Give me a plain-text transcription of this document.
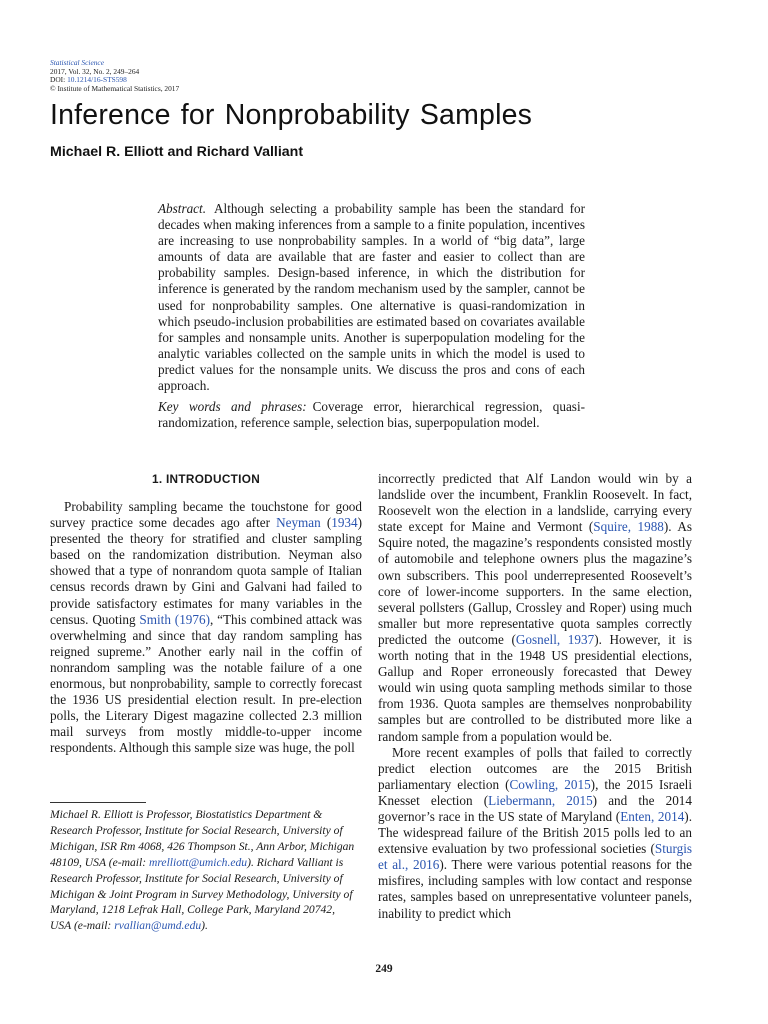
Statistical Science
2017, Vol. 32, No. 2, 249–264
DOI: 10.1214/16-STS598
© Institute of Mathematical Statistics, 2017
Inference for Nonprobability Samples
Michael R. Elliott and Richard Valliant

Abstract. Although selecting a probability sample has been the standard for decades when making inferences from a sample to a finite population, incentives are increasing to use nonprobability samples. In a world of “big data”, large amounts of data are available that are faster and easier to collect than are probability samples. Design-based inference, in which the distribution for inference is generated by the random mechanism used by the sampler, cannot be used for nonprobability samples. One alternative is quasi-randomization in which pseudo-inclusion probabilities are estimated based on covariates available for samples and nonsample units. Another is superpopulation modeling for the analytic variables collected on the sample units in which the model is used to predict values for the nonsample units. We discuss the pros and cons of each approach.

Key words and phrases: Coverage error, hierarchical regression, quasi-randomization, reference sample, selection bias, superpopulation model.

1. INTRODUCTION

Probability sampling became the touchstone for good survey practice some decades ago after Neyman (1934) presented the theory for stratified and cluster sampling based on the randomization distribution. Neyman also showed that a type of nonrandom quota sample of Italian census records drawn by Gini and Galvani had failed to provide satisfactory estimates for many variables in the census. Quoting Smith (1976), “This combined attack was overwhelming and since that day random sampling has reigned supreme.” Another early nail in the coffin of nonrandom sampling was the notable failure of a one enormous, but nonprobability, sample to correctly forecast the 1936 US presidential election result. In pre-election polls, the Literary Digest magazine collected 2.3 million mail surveys from mostly middle-to-upper income respondents. Although this sample size was huge, the poll

Michael R. Elliott is Professor, Biostatistics Department & Research Professor, Institute for Social Research, University of Michigan, ISR Rm 4068, 426 Thompson St., Ann Arbor, Michigan 48109, USA (e-mail: mrelliott@umich.edu). Richard Valliant is Research Professor, Institute for Social Research, University of Michigan & Joint Program in Survey Methodology, University of Maryland, 1218 Lefrak Hall, College Park, Maryland 20742, USA (e-mail: rvallian@umd.edu).

incorrectly predicted that Alf Landon would win by a landslide over the incumbent, Franklin Roosevelt. In fact, Roosevelt won the election in a landslide, carrying every state except for Maine and Vermont (Squire, 1988). As Squire noted, the magazine’s respondents consisted mostly of automobile and telephone owners plus the magazine’s own subscribers. This pool underrepresented Roosevelt’s core of lower-income supporters. In the same election, several pollsters (Gallup, Crossley and Roper) using much smaller but more representative quota samples correctly predicted the outcome (Gosnell, 1937). However, it is worth noting that in the 1948 US presidential elections, Gallup and Roper erroneously forecasted that Dewey would win using quota sampling methods similar to those from 1936. Quota samples are themselves nonprobability samples but are controlled to be distributed more like a random sample from a population would be.

More recent examples of polls that failed to correctly predict election outcomes are the 2015 British parliamentary election (Cowling, 2015), the 2015 Israeli Knesset election (Liebermann, 2015) and the 2014 governor’s race in the US state of Maryland (Enten, 2014). The widespread failure of the British 2015 polls led to an extensive evaluation by two professional societies (Sturgis et al., 2016). There were various potential reasons for the misfires, including samples with low contact and response rates, samples based on unrepresentative volunteer panels, inability to predict which

249
